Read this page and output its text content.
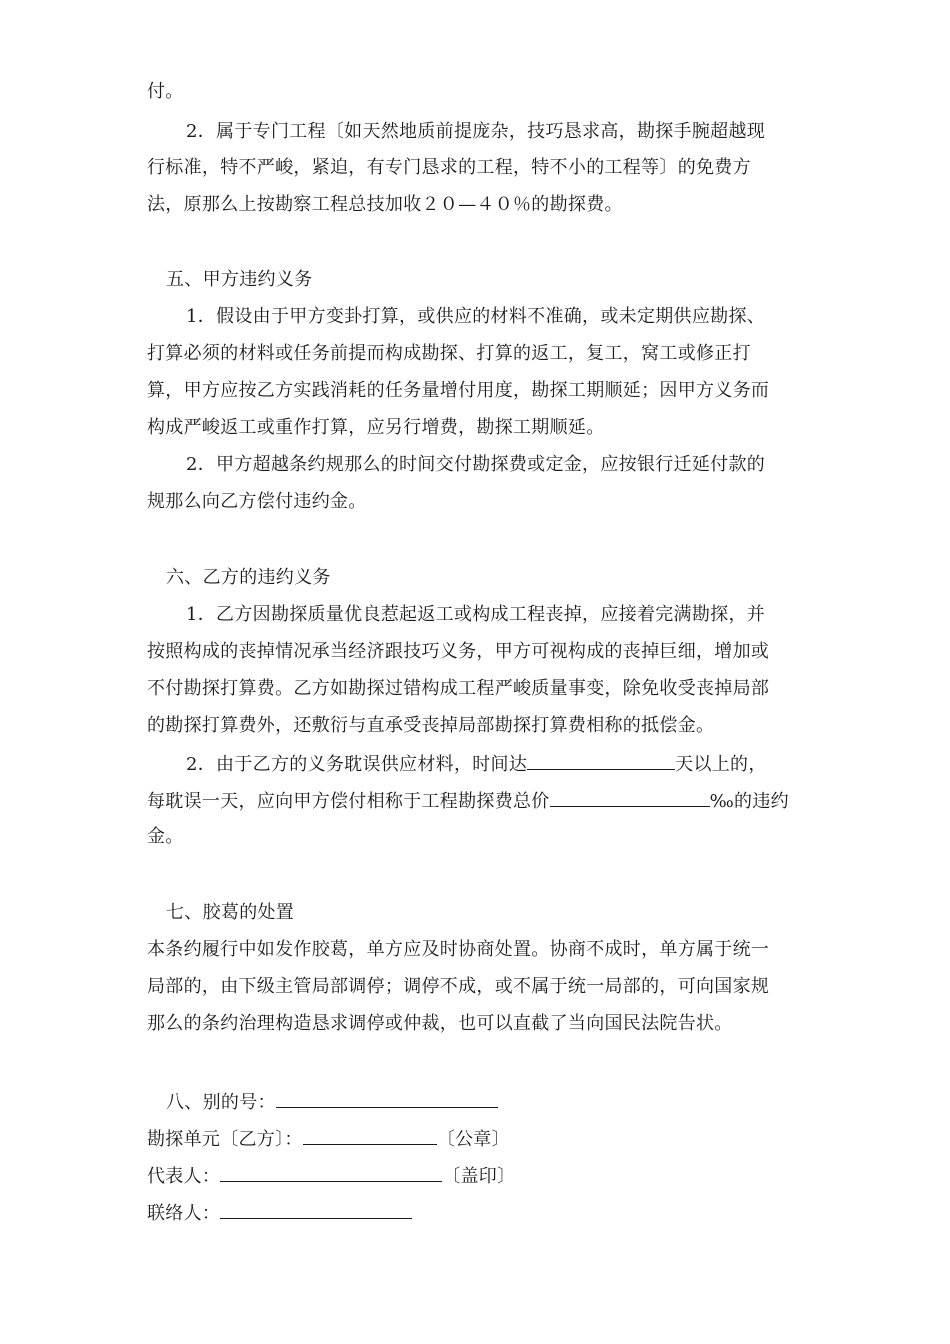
付。
2．属于专门工程〔如天然地质前提庞杂，技巧恳求高，勘探手腕超越现
行标准，特不严峻，紧迫，有专门恳求的工程，特不小的工程等〕的免费方
法，原那么上按勘察工程总技加收２０—４０％的勘探费。
五、甲方违约义务
1．假设由于甲方变卦打算，或供应的材料不准确，或未定期供应勘探、
打算必须的材料或任务前提而构成勘探、打算的返工，复工，窝工或修正打
算，甲方应按乙方实践消耗的任务量增付用度，勘探工期顺延；因甲方义务而
构成严峻返工或重作打算，应另行增费，勘探工期顺延。
2．甲方超越条约规那么的时间交付勘探费或定金，应按银行迁延付款的
规那么向乙方偿付违约金。
六、乙方的违约义务
1．乙方因勘探质量优良惹起返工或构成工程丧掉，应接着完满勘探，并
按照构成的丧掉情况承当经济跟技巧义务，甲方可视构成的丧掉巨细，增加或
不付勘探打算费。乙方如勘探过错构成工程严峻质量事变，除免收受丧掉局部
的勘探打算费外，还敷衍与直承受丧掉局部勘探打算费相称的抵偿金。
2．由于乙方的义务耽误供应材料，时间达	天以上的，
每耽误一天，应向甲方偿付相称于工程勘探费总价	‰的违约
金。
七、胶葛的处置
本条约履行中如发作胶葛，单方应及时协商处置。协商不成时，单方属于统一
局部的，由下级主管局部调停；调停不成，或不属于统一局部的，可向国家规
那么的条约治理构造恳求调停或仲裁，也可以直截了当向国民法院告状。
八、别的号：
勘探单元〔乙方〕：	〔公章〕
代表人：	〔盖印〕
联络人：
